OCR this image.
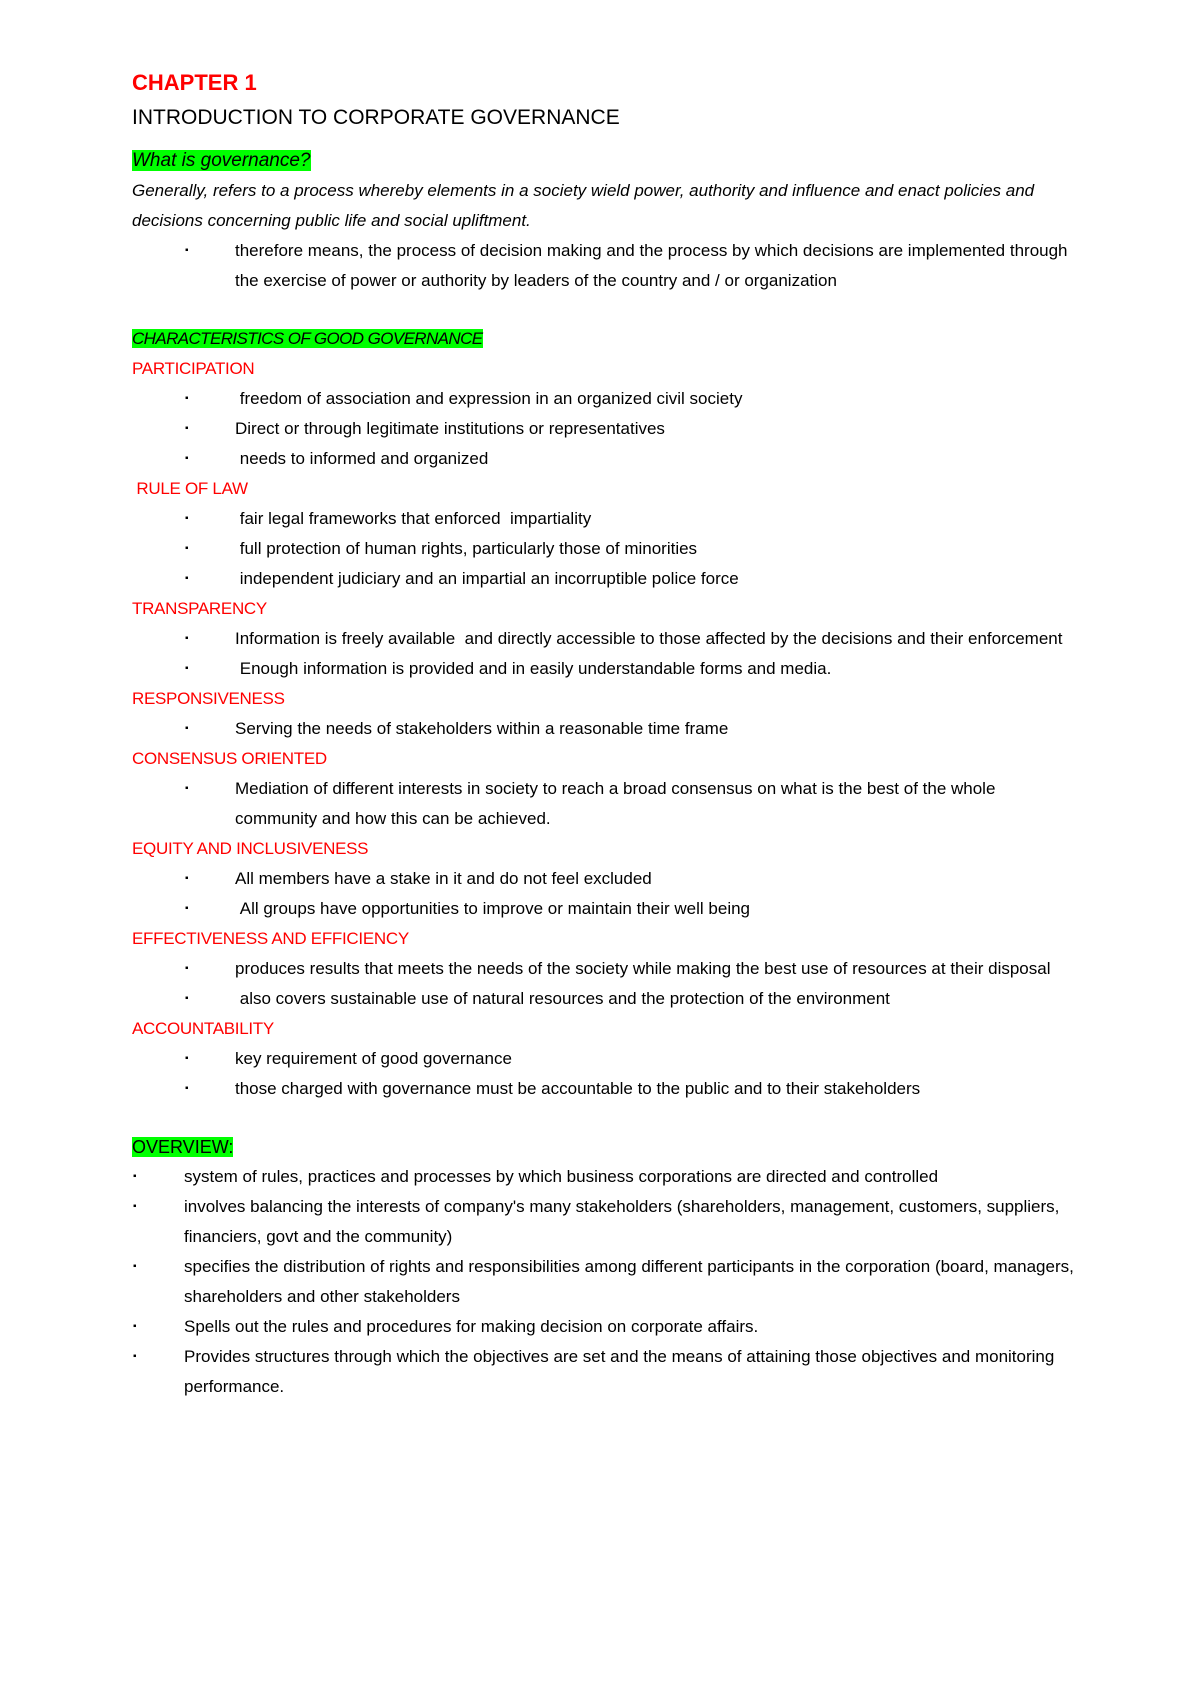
CHAPTER 1

INTRODUCTION TO CORPORATE GOVERNANCE

What is governance?

Generally, refers to a process whereby elements in a society wield power, authority and influence and enact policies and decisions concerning public life and social upliftment.

▪	therefore means, the process of decision making and the process by which decisions are implemented through the exercise of power or authority by leaders of the country and / or organization

CHARACTERISTICS OF GOOD GOVERNANCE

PARTICIPATION

▪	freedom of association and expression in an organized civil society
▪	Direct or through legitimate institutions or representatives
▪	needs to informed and organized

RULE OF LAW

▪	fair legal frameworks that enforced  impartiality
▪	full protection of human rights, particularly those of minorities
▪	independent judiciary and an impartial an incorruptible police force

TRANSPARENCY

▪	Information is freely available  and directly accessible to those affected by the decisions and their enforcement
▪	Enough information is provided and in easily understandable forms and media.

RESPONSIVENESS

▪	Serving the needs of stakeholders within a reasonable time frame

CONSENSUS ORIENTED

▪	Mediation of different interests in society to reach a broad consensus on what is the best of the whole community and how this can be achieved.

EQUITY AND INCLUSIVENESS

▪	All members have a stake in it and do not feel excluded
▪	All groups have opportunities to improve or maintain their well being

EFFECTIVENESS AND EFFICIENCY

▪	produces results that meets the needs of the society while making the best use of resources at their disposal
▪	also covers sustainable use of natural resources and the protection of the environment

ACCOUNTABILITY

▪	key requirement of good governance
▪	those charged with governance must be accountable to the public and to their stakeholders

OVERVIEW:

▪	system of rules, practices and processes by which business corporations are directed and controlled
▪	involves balancing the interests of company's many stakeholders (shareholders, management, customers, suppliers, financiers, govt and the community)
▪	specifies the distribution of rights and responsibilities among different participants in the corporation (board, managers, shareholders and other stakeholders
▪	Spells out the rules and procedures for making decision on corporate affairs.
▪	Provides structures through which the objectives are set and the means of attaining those objectives and monitoring performance.
